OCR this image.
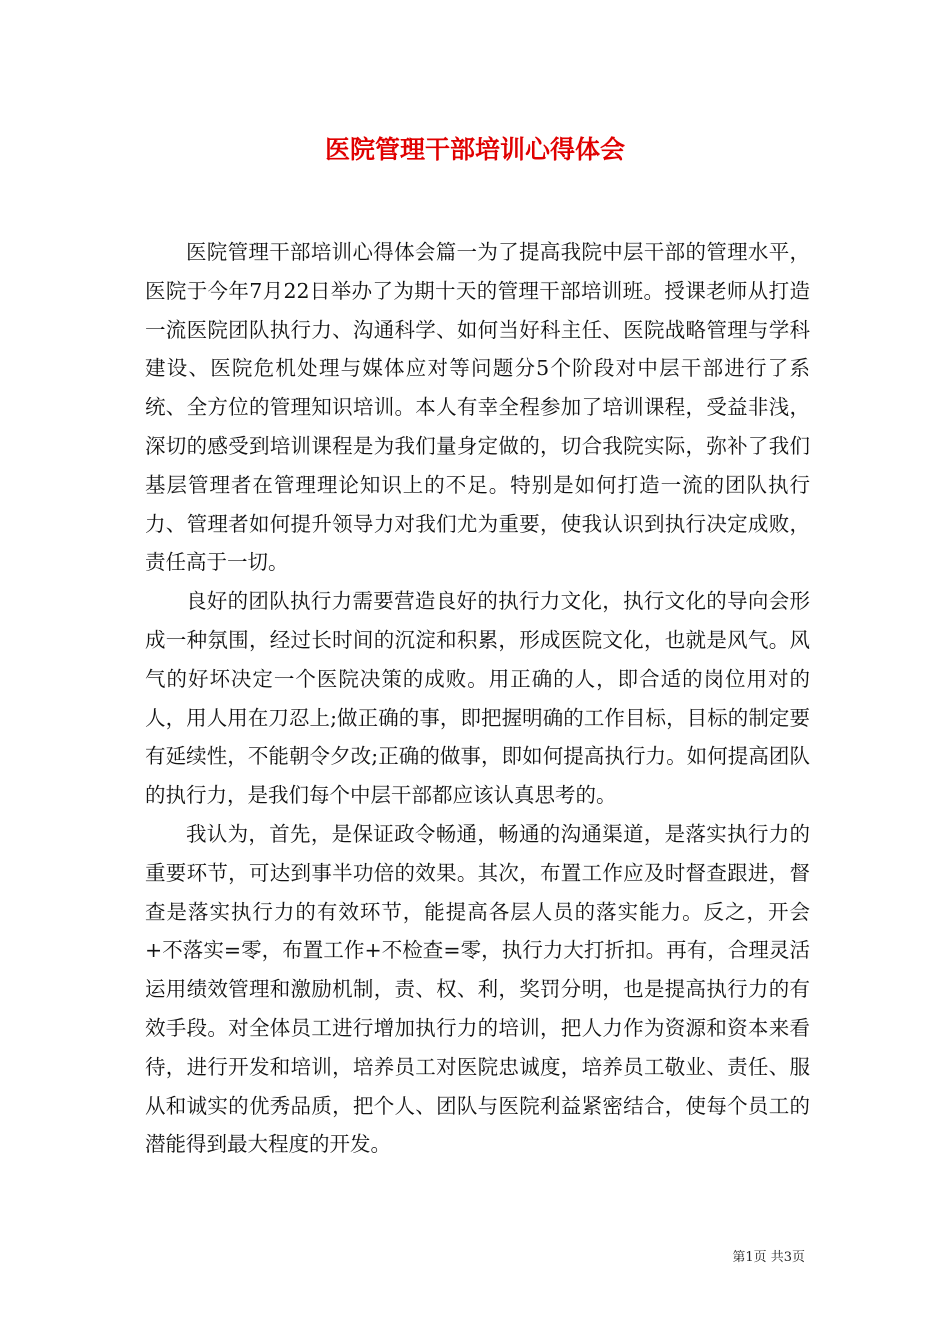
医院管理干部培训心得体会

医院管理干部培训心得体会篇一为了提高我院中层干部的管理水平，医院于今年7月22日举办了为期十天的管理干部培训班。授课老师从打造一流医院团队执行力、沟通科学、如何当好科主任、医院战略管理与学科建设、医院危机处理与媒体应对等问题分5个阶段对中层干部进行了系统、全方位的管理知识培训。本人有幸全程参加了培训课程，受益非浅，深切的感受到培训课程是为我们量身定做的，切合我院实际，弥补了我们基层管理者在管理理论知识上的不足。特别是如何打造一流的团队执行力、管理者如何提升领导力对我们尤为重要，使我认识到执行决定成败，责任高于一切。

良好的团队执行力需要营造良好的执行力文化，执行文化的导向会形成一种氛围，经过长时间的沉淀和积累，形成医院文化，也就是风气。风气的好坏决定一个医院决策的成败。用正确的人，即合适的岗位用对的人，用人用在刀忍上;做正确的事，即把握明确的工作目标，目标的制定要有延续性，不能朝令夕改;正确的做事，即如何提高执行力。如何提高团队的执行力，是我们每个中层干部都应该认真思考的。

我认为，首先，是保证政令畅通，畅通的沟通渠道，是落实执行力的重要环节，可达到事半功倍的效果。其次，布置工作应及时督查跟进，督查是落实执行力的有效环节，能提高各层人员的落实能力。反之，开会+不落实=零，布置工作+不检查=零，执行力大打折扣。再有，合理灵活运用绩效管理和激励机制，责、权、利，奖罚分明，也是提高执行力的有效手段。对全体员工进行增加执行力的培训，把人力作为资源和资本来看待，进行开发和培训，培养员工对医院忠诚度，培养员工敬业、责任、服从和诚实的优秀品质，把个人、团队与医院利益紧密结合，使每个员工的潜能得到最大程度的开发。

第1页 共3页
